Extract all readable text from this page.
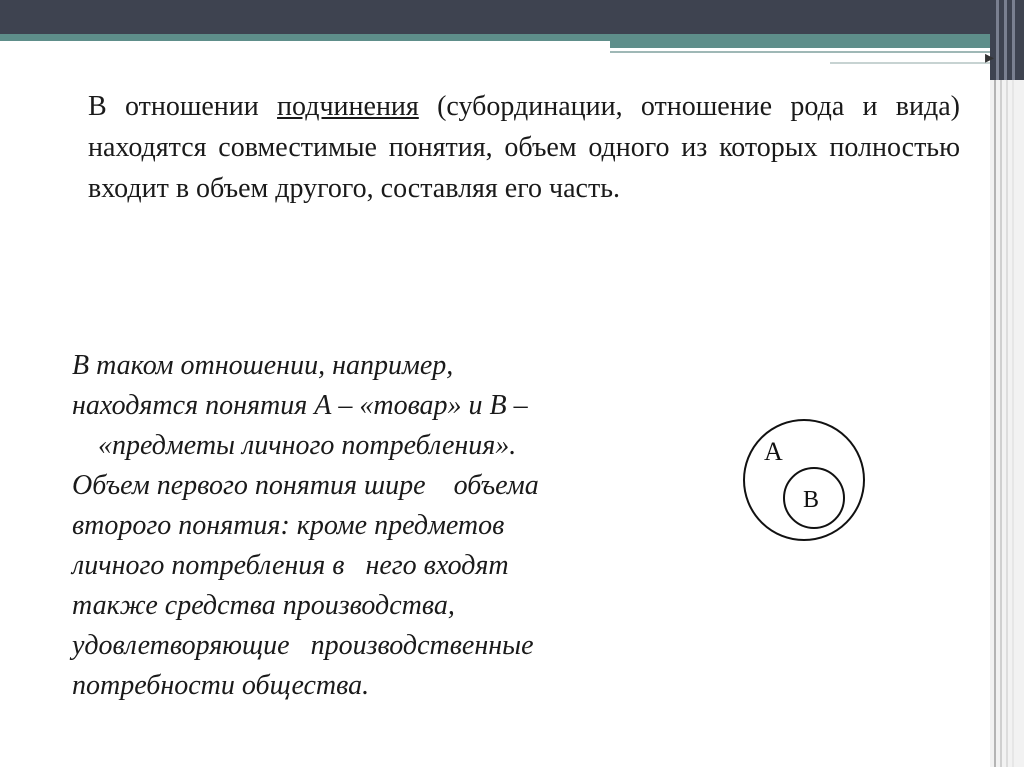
▸
В отношении подчинения (субординации, отношение рода и вида) находятся совместимые понятия, объем одного из которых полностью входит в объем другого, составляя его часть.
В таком отношении, например,
находятся понятия А – «товар» и В –
«предметы личного потребления».
Объем первого понятия шире    объема
второго понятия: кроме предметов
личного потребления в   него входят
также средства производства,
удовлетворяющие   производственные
потребности общества.
А
В
